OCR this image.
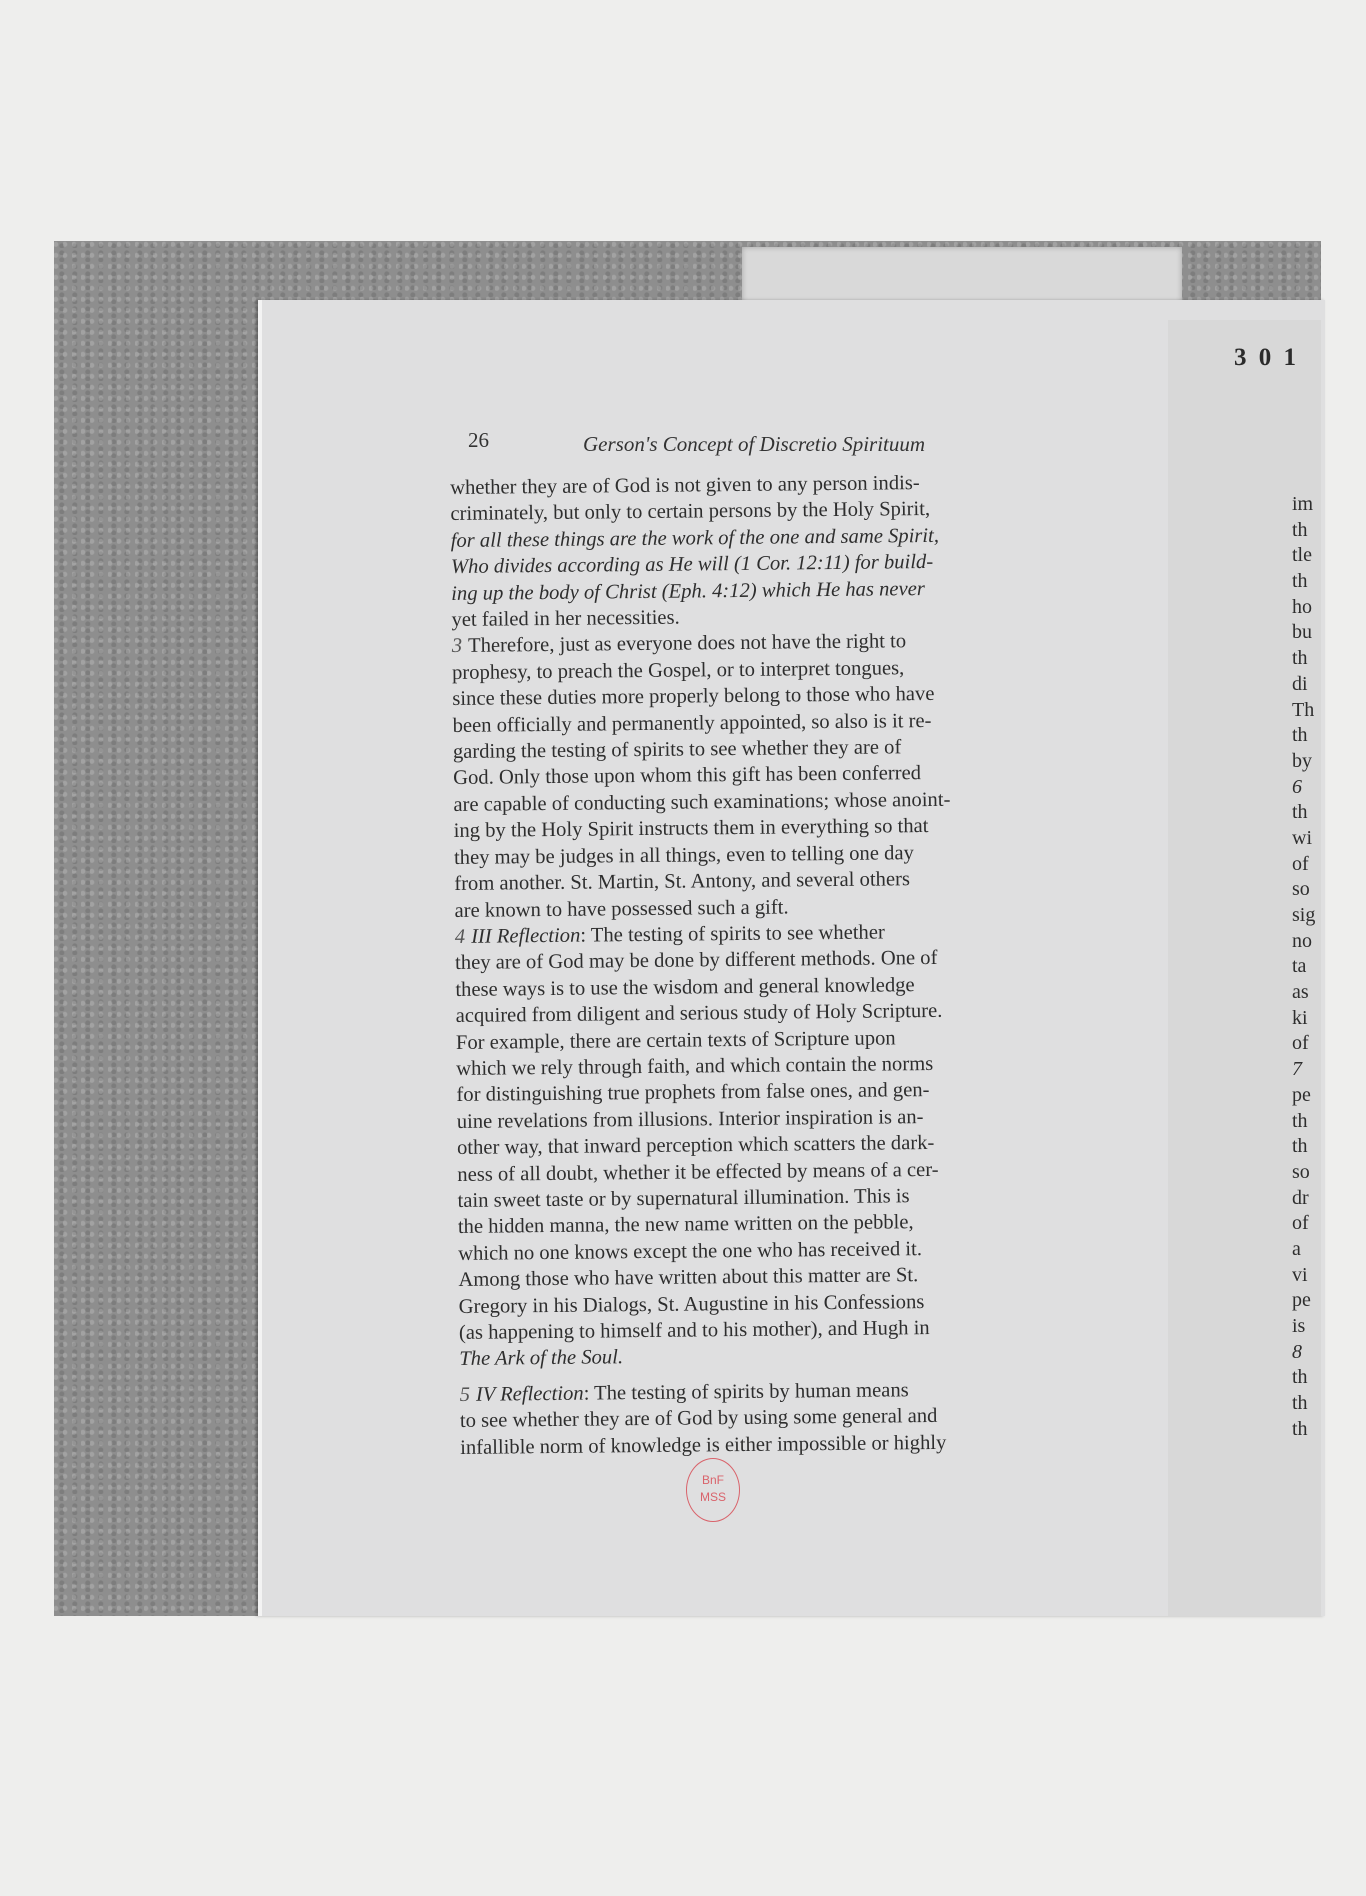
3 0 1
26	Gerson's Concept of Discretio Spirituum

whether they are of God is not given to any person indis-
criminately, but only to certain persons by the Holy Spirit,
for all these things are the work of the one and same Spirit,
Who divides according as He will (1 Cor. 12:11) for build-
ing up the body of Christ (Eph. 4:12) which He has never
yet failed in her necessities.

3 Therefore, just as everyone does not have the right to
prophesy, to preach the Gospel, or to interpret tongues,
since these duties more properly belong to those who have
been officially and permanently appointed, so also is it re-
garding the testing of spirits to see whether they are of
God. Only those upon whom this gift has been conferred
are capable of conducting such examinations; whose anoint-
ing by the Holy Spirit instructs them in everything so that
they may be judges in all things, even to telling one day
from another. St. Martin, St. Antony, and several others
are known to have possessed such a gift.

4 III Reflection: The testing of spirits to see whether
they are of God may be done by different methods. One of
these ways is to use the wisdom and general knowledge
acquired from diligent and serious study of Holy Scripture.
For example, there are certain texts of Scripture upon
which we rely through faith, and which contain the norms
for distinguishing true prophets from false ones, and gen-
uine revelations from illusions. Interior inspiration is an-
other way, that inward perception which scatters the dark-
ness of all doubt, whether it be effected by means of a cer-
tain sweet taste or by supernatural illumination. This is
the hidden manna, the new name written on the pebble,
which no one knows except the one who has received it.
Among those who have written about this matter are St.
Gregory in his Dialogs, St. Augustine in his Confessions
(as happening to himself and to his mother), and Hugh in
The Ark of the Soul.

5 IV Reflection: The testing of spirits by human means
to see whether they are of God by using some general and
infallible norm of knowledge is either impossible or highly

im
th
tle
th
ho
bu
th
di
Th
th
by
6
th
wi
of
so
sig
no
ta
as
ki
of
7
pe
th
th
so
dr
of
a
vi
pe
is
8
th
th
th
BnF
MSS
